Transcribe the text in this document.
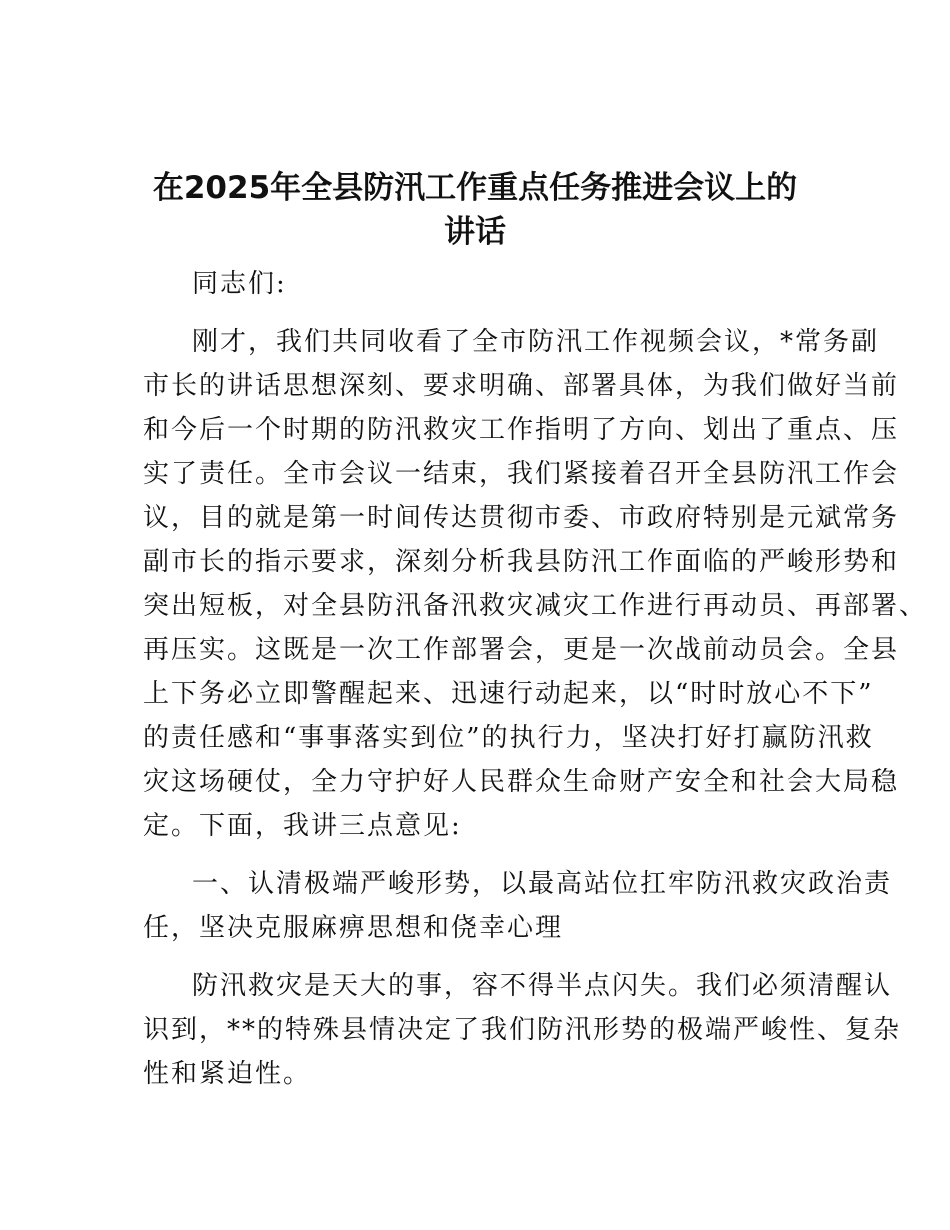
在2025年全县防汛工作重点任务推进会议上的
讲话
同志们:
刚才，我们共同收看了全市防汛工作视频会议，*常务副
市长的讲话思想深刻、要求明确、部署具体，为我们做好当前
和今后一个时期的防汛救灾工作指明了方向、划出了重点、压
实了责任。全市会议一结束，我们紧接着召开全县防汛工作会
议，目的就是第一时间传达贯彻市委、市政府特别是元斌常务
副市长的指示要求，深刻分析我县防汛工作面临的严峻形势和
突出短板，对全县防汛备汛救灾减灾工作进行再动员、再部署、
再压实。这既是一次工作部署会，更是一次战前动员会。全县
上下务必立即警醒起来、迅速行动起来，以“时时放心不下”
的责任感和“事事落实到位”的执行力，坚决打好打赢防汛救
灾这场硬仗，全力守护好人民群众生命财产安全和社会大局稳
定。下面，我讲三点意见:
一、认清极端严峻形势，以最高站位扛牢防汛救灾政治责
任，坚决克服麻痹思想和侥幸心理
防汛救灾是天大的事，容不得半点闪失。我们必须清醒认
识到，**的特殊县情决定了我们防汛形势的极端严峻性、复杂
性和紧迫性。
